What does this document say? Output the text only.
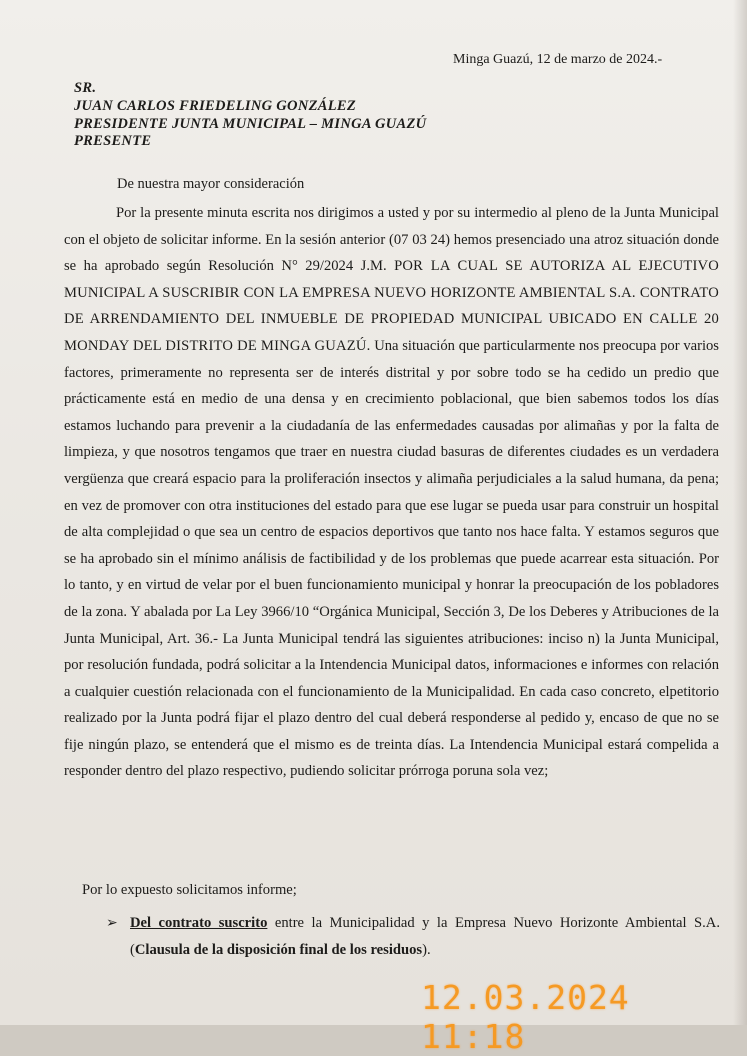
Minga Guazú, 12 de marzo de 2024.-
SR.
JUAN CARLOS FRIEDELING GONZÁLEZ
PRESIDENTE JUNTA MUNICIPAL – MINGA GUAZÚ
PRESENTE
De nuestra mayor consideración
Por la presente minuta escrita nos dirigimos a usted y por su intermedio al pleno de la Junta Municipal con el objeto de solicitar informe. En la sesión anterior (07 03 24) hemos presenciado una atroz situación donde se ha aprobado según Resolución N° 29/2024 J.M. POR LA CUAL SE AUTORIZA AL EJECUTIVO MUNICIPAL A SUSCRIBIR CON LA EMPRESA NUEVO HORIZONTE AMBIENTAL S.A. CONTRATO DE ARRENDAMIENTO DEL INMUEBLE DE PROPIEDAD MUNICIPAL UBICADO EN CALLE 20 MONDAY DEL DISTRITO DE MINGA GUAZÚ. Una situación que particularmente nos preocupa por varios factores, primeramente no representa ser de interés distrital y por sobre todo se ha cedido un predio que prácticamente está en medio de una densa y en crecimiento poblacional, que bien sabemos todos los días estamos luchando para prevenir a la ciudadanía de las enfermedades causadas por alimañas y por la falta de limpieza, y que nosotros tengamos que traer en nuestra ciudad basuras de diferentes ciudades es un verdadera vergüenza que creará espacio para la proliferación insectos y alimaña perjudiciales a la salud humana, da pena; en vez de promover con otra instituciones del estado para que ese lugar se pueda usar para construir un hospital de alta complejidad o que sea un centro de espacios deportivos que tanto nos hace falta. Y estamos seguros que se ha aprobado sin el mínimo análisis de factibilidad y de los problemas que puede acarrear esta situación. Por lo tanto, y en virtud de velar por el buen funcionamiento municipal y honrar la preocupación de los pobladores de la zona. Y abalada por La Ley 3966/10 “Orgánica Municipal, Sección 3, De los Deberes y Atribuciones de la Junta Municipal, Art. 36.- La Junta Municipal tendrá las siguientes atribuciones: inciso n) la Junta Municipal, por resolución fundada, podrá solicitar a la Intendencia Municipal datos, informaciones e informes con relación a cualquier cuestión relacionada con el funcionamiento de la Municipalidad. En cada caso concreto, elpetitorio realizado por la Junta podrá fijar el plazo dentro del cual deberá responderse al pedido y, encaso de que no se fije ningún plazo, se entenderá que el mismo es de treinta días. La Intendencia Municipal estará compelida a responder dentro del plazo respectivo, pudiendo solicitar prórroga poruna sola vez;
Por lo expuesto solicitamos informe;
➢ Del contrato suscrito entre la Municipalidad y la Empresa Nuevo Horizonte Ambiental S.A. (Clausula de la disposición final de los residuos).
12.03.2024 11:18
